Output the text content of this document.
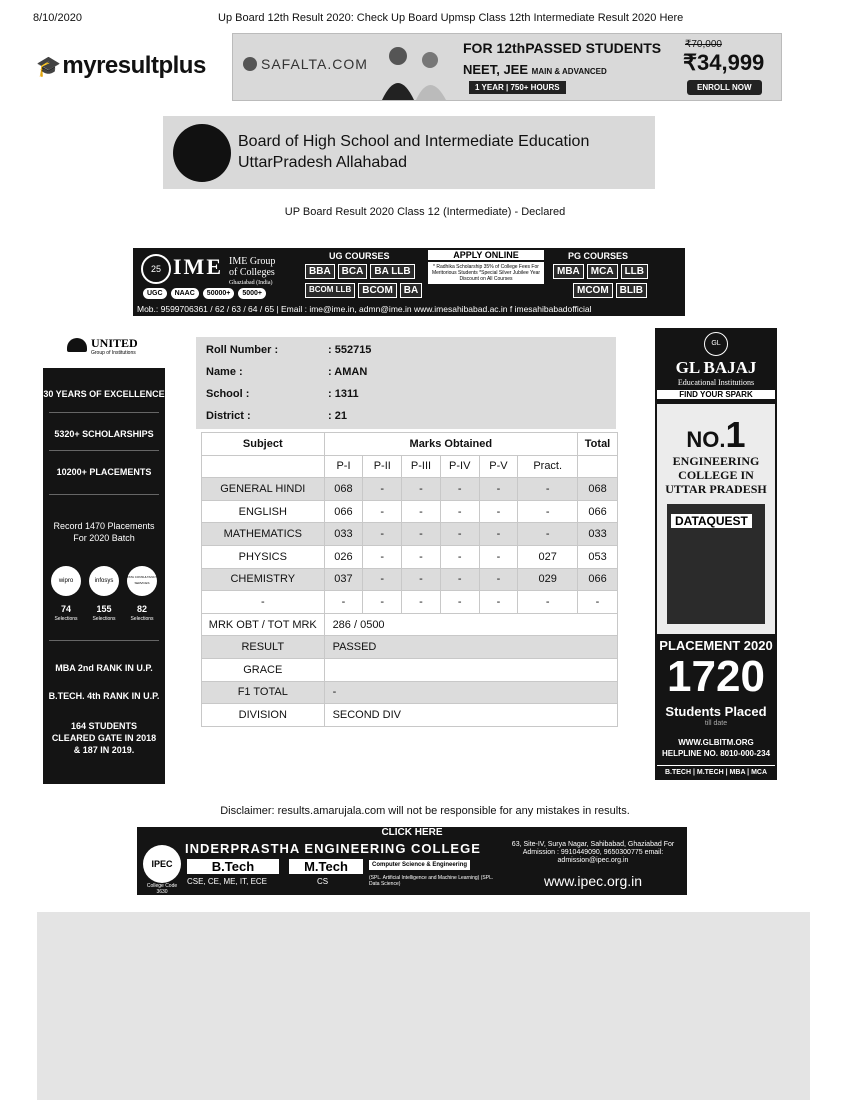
8/10/2020	Up Board 12th Result 2020: Check Up Board Upmsp Class 12th Intermediate Result 2020 Here
🎓 myresultplus	SAFALTA.COM
FOR 12thPASSED STUDENTS
NEET, JEE MAIN & ADVANCED
1 YEAR | 750+ HOURS
₹70,000
₹34,999
ENROLL NOW
Board of High School and Intermediate Education
UttarPradesh Allahabad
UP Board Result 2020 Class 12 (Intermediate) - Declared
25 IME IME Group
of Colleges
Ghaziabad (India)
UGC	NAAC	50000+	5000+
UG COURSES
BBA	BCA	BA LLB
BCOM LLB	BCOM	BA
APPLY ONLINE
* Radhika Scholarship 35% of College Fees For Meritorious Students *Special Silver Jubilee Year Discount on All Courses
PG COURSES
MBA	MCA	LLB
MCOM	BLIB
Mob.: 9599706361 / 62 / 63 / 64 / 65 | Email : ime@ime.in, admn@ime.in www.imesahibabad.ac.in f imesahibabadofficial
UNITED
Group of Institutions
30 YEARS OF EXCELLENCE
5320+ SCHOLARSHIPS
10200+ PLACEMENTS
Record 1470 Placements For 2020 Batch
wipro	infosys
TATA CONSULTANCY SERVICES
74	155	82
Selections	Selections	Selections
MBA 2nd RANK IN U.P.
B.TECH. 4th RANK IN U.P.
164 STUDENTS CLEARED GATE IN 2018 & 187 IN 2019.
GL
GL BAJAJ
Educational Institutions
FIND YOUR SPARK
NO.1
ENGINEERING COLLEGE IN UTTAR PRADESH
DATAQUEST
PLACEMENT 2020
1720
Students Placed
till date
WWW.GLBITM.ORG
HELPLINE NO. 8010-000-234
B.TECH | M.TECH | MBA | MCA
Roll Number :	: 552715
Name :	: AMAN
School :	: 1311
District :	: 21
Subject	Marks Obtained						Total
	P-I	P-II	P-III	P-IV	P-V	Pract.	
GENERAL HINDI	068	-	-	-	-	-	068
ENGLISH	066	-	-	-	-	-	066
MATHEMATICS	033	-	-	-	-	-	033
PHYSICS	026	-	-	-	-	027	053
CHEMISTRY	037	-	-	-	-	029	066
-	-	-	-	-	-	-	-
MRK OBT / TOT MRK	286 / 0500						
RESULT	PASSED						
GRACE							
F1 TOTAL	-						
DIVISION	SECOND DIV						
Disclaimer: results.amarujala.com will not be responsible for any mistakes in results.
CLICK HERE
IPEC
College Code 3630
INDERPRASTHA ENGINEERING COLLEGE
B.Tech	M.Tech	Computer Science & Engineering
CSE, CE, ME, IT, ECE	CS	(SPL. Artificial Intelligence and Machine Learning) (SPL. Data Science)
63, Site-IV, Surya Nagar, Sahibabad, Ghaziabad For Admission : 9910449090, 9650300775 email: admission@ipec.org.in
www.ipec.org.in
